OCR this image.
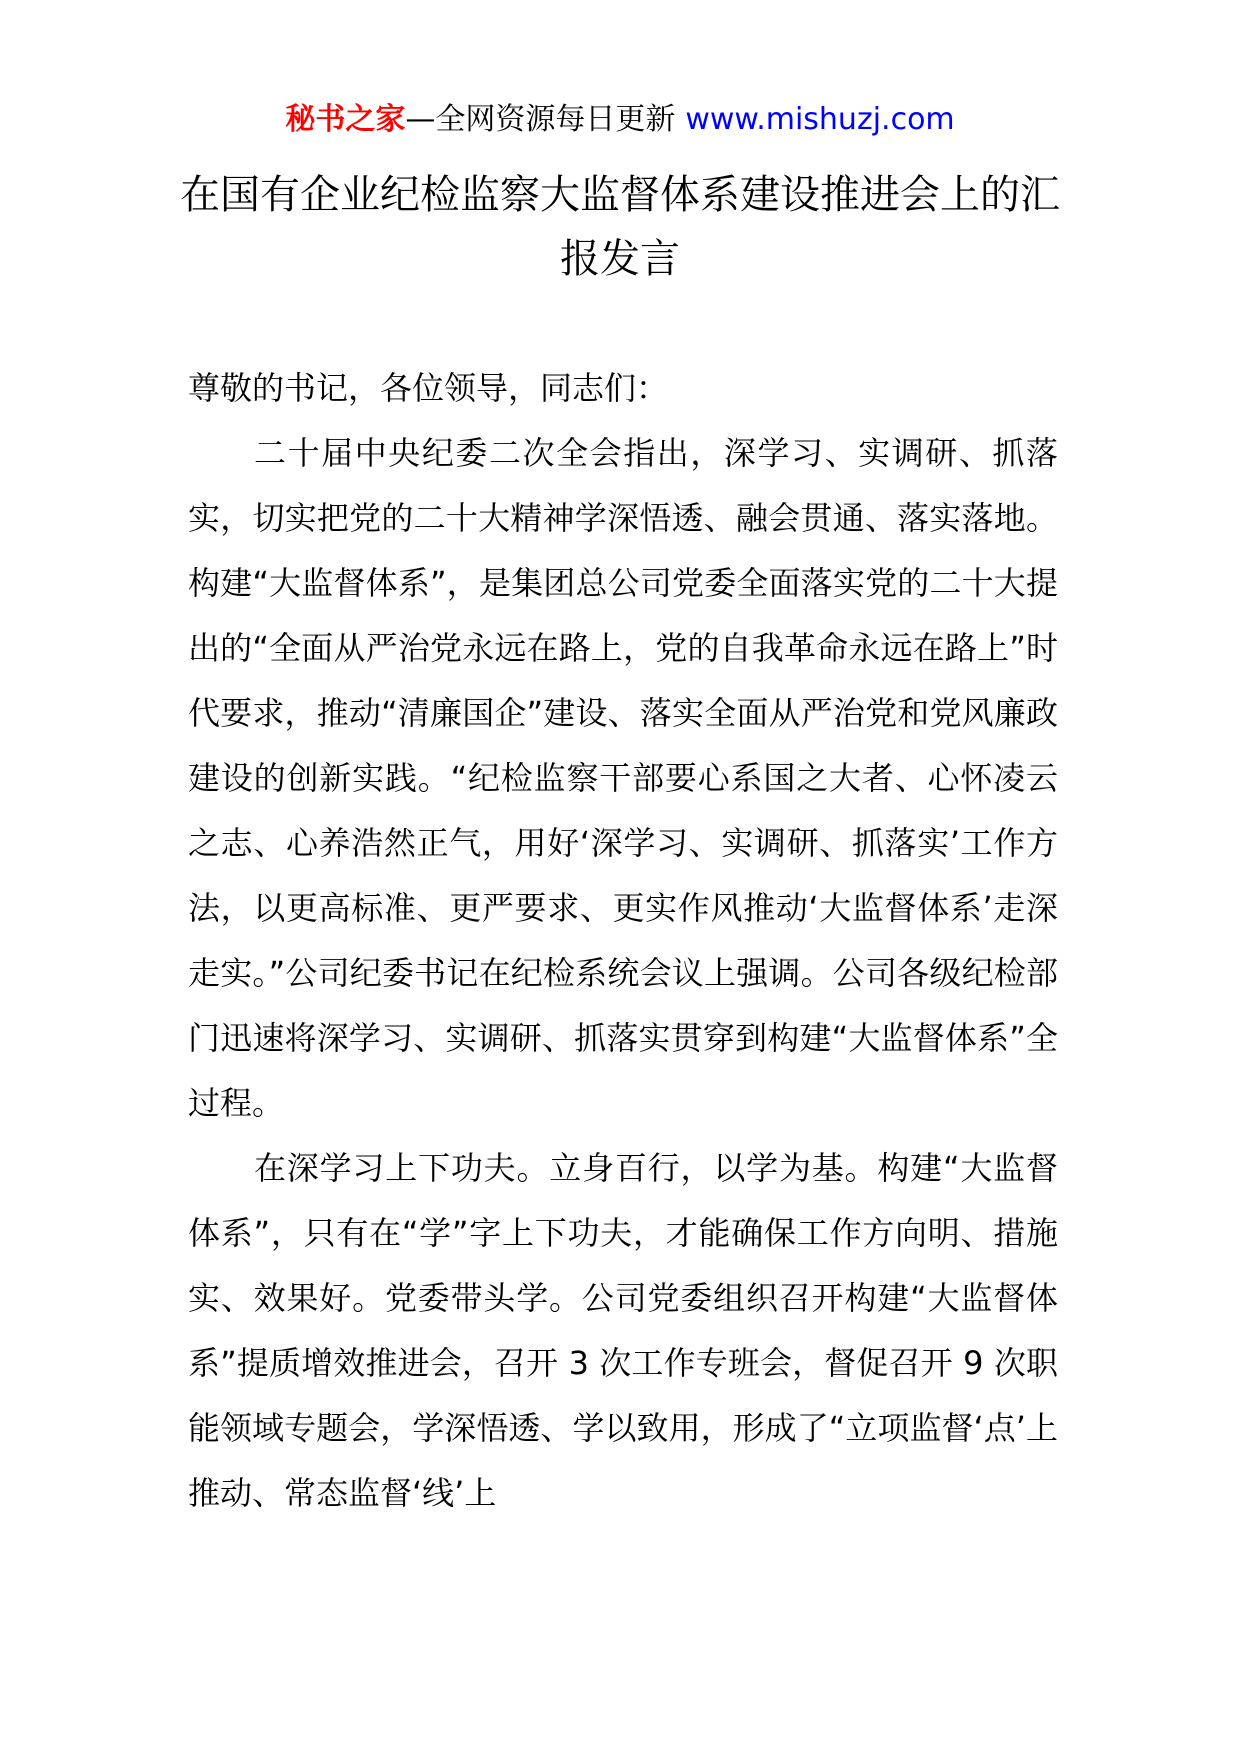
秘书之家—全网资源每日更新 www.mishuzj.com
在国有企业纪检监察大监督体系建设推进会上的汇报发言

尊敬的书记，各位领导，同志们：

二十届中央纪委二次全会指出，深学习、实调研、抓落实，切实把党的二十大精神学深悟透、融会贯通、落实落地。构建“大监督体系”，是集团总公司党委全面落实党的二十大提出的“全面从严治党永远在路上，党的自我革命永远在路上”时代要求，推动“清廉国企”建设、落实全面从严治党和党风廉政建设的创新实践。“纪检监察干部要心系国之大者、心怀凌云之志、心养浩然正气，用好‘深学习、实调研、抓落实’工作方法，以更高标准、更严要求、更实作风推动‘大监督体系’走深走实。”公司纪委书记在纪检系统会议上强调。公司各级纪检部门迅速将深学习、实调研、抓落实贯穿到构建“大监督体系”全过程。

在深学习上下功夫。立身百行，以学为基。构建“大监督体系”，只有在“学”字上下功夫，才能确保工作方向明、措施实、效果好。党委带头学。公司党委组织召开构建“大监督体系”提质增效推进会，召开 3 次工作专班会，督促召开 9 次职能领域专题会，学深悟透、学以致用，形成了“立项监督‘点’上推动、常态监督‘线’上
